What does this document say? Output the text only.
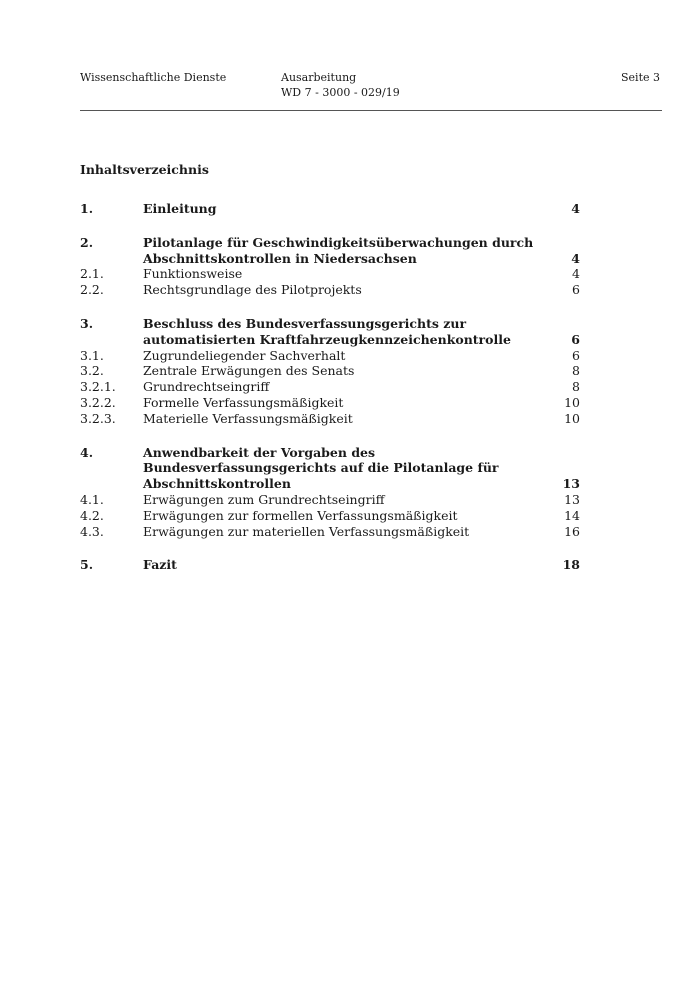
Wissenschaftliche Dienste	Ausarbeitung
WD 7 - 3000 - 029/19
Seite 3
Inhaltsverzeichnis
1.	Einleitung	4
2.	Pilotanlage für Geschwindigkeitsüberwachungen durch
Abschnittskontrollen in Niedersachsen	4
2.1.	Funktionsweise	4
2.2.	Rechtsgrundlage des Pilotprojekts	6
3.	Beschluss des Bundesverfassungsgerichts zur
automatisierten Kraftfahrzeugkennzeichenkontrolle	6
3.1.	Zugrundeliegender Sachverhalt	6
3.2.	Zentrale Erwägungen des Senats	8
3.2.1.	Grundrechtseingriff	8
3.2.2.	Formelle Verfassungsmäßigkeit	10
3.2.3.	Materielle Verfassungsmäßigkeit	10
4.	Anwendbarkeit der Vorgaben des
Bundesverfassungsgerichts auf die Pilotanlage für
Abschnittskontrollen	13
4.1.	Erwägungen zum Grundrechtseingriff	13
4.2.	Erwägungen zur formellen Verfassungsmäßigkeit	14
4.3.	Erwägungen zur materiellen Verfassungsmäßigkeit	16
5.	Fazit	18
